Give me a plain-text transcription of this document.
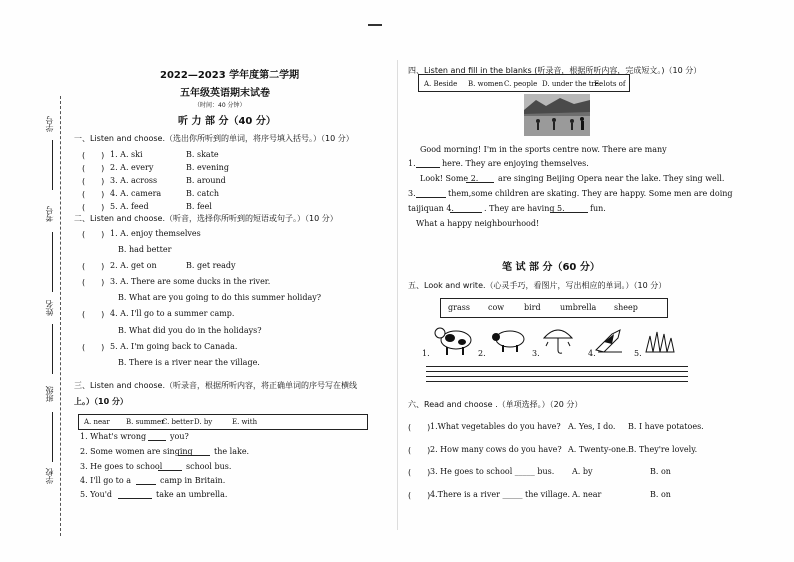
学号
考号
姓名
班级
学校
2022—2023 学年度第二学期
五年级英语期末试卷
（时间：40 分钟）
听 力 部 分（40 分）
一、Listen and choose.（选出你所听到的单词，将序号填入括号。）（10 分）
二、Listen and choose.（听音，选择你所听到的短语或句子。）（10 分）
三、Listen and choose.（听录音，根据所听内容，将正确单词的序号写在横线
上。）（10 分）
四、Listen and fill in the blanks (听录音，根据所听内容，完成短文。)（10 分）
笔 试 部 分（60 分）
五、Look and write.（心灵手巧，看图片，写出相应的单词。）（10 分）
六、Read and choose .（单项选择。）（20 分）
(　　) 1. A. ski	B. skate
(　　) 2. A. every	B. evening
(　　) 3. A. across	B. around
(　　) 4. A. camera	B. catch
(　　) 5. A. feed	B. feel
(　　) 1. A. enjoy themselves
B. had better
(　　) 2. A. get on	B. get ready
(　　) 3. A. There are some ducks in the river.
B. What are you going to do this summer holiday?
(　　) 4. A. I'll go to a summer camp.
B. What did you do in the holidays?
(　　) 5. A. I'm going back to Canada.
B. There is a river near the village.
A. near B. summer
C. better D. by	E. with
1. What's wrong	you?
2. Some women are singing	the lake.
3. He goes to school	school bus.
4. I'll go to a	camp in Britain.
5. You'd	take an umbrella.
A. Beside B. women C. people D. under the tree
E. lots of
Good morning! I'm in the sports centre now. There are many
1.	here. They are enjoying themselves.
Look! Some 2. are singing Beijing Opera near the lake. They sing well.
3.	them,some children are skating. They are happy. Some men are doing
taijiquan 4.	. They are having 5.	fun.
What a happy neighbourhood!
grass cow bird umbrella sheep
1.	2.	3.	4.	5.
(　　) 1.What vegetables do you have? A. Yes, I do. B. I have potatoes.
(　　) 2. How many cows do you have? A. Twenty-one. B. They're lovely.
(　　) 3. He goes to school _____ bus. A. by	B. on
(　　) 4.There is a river _____ the village. A. near	B. on
